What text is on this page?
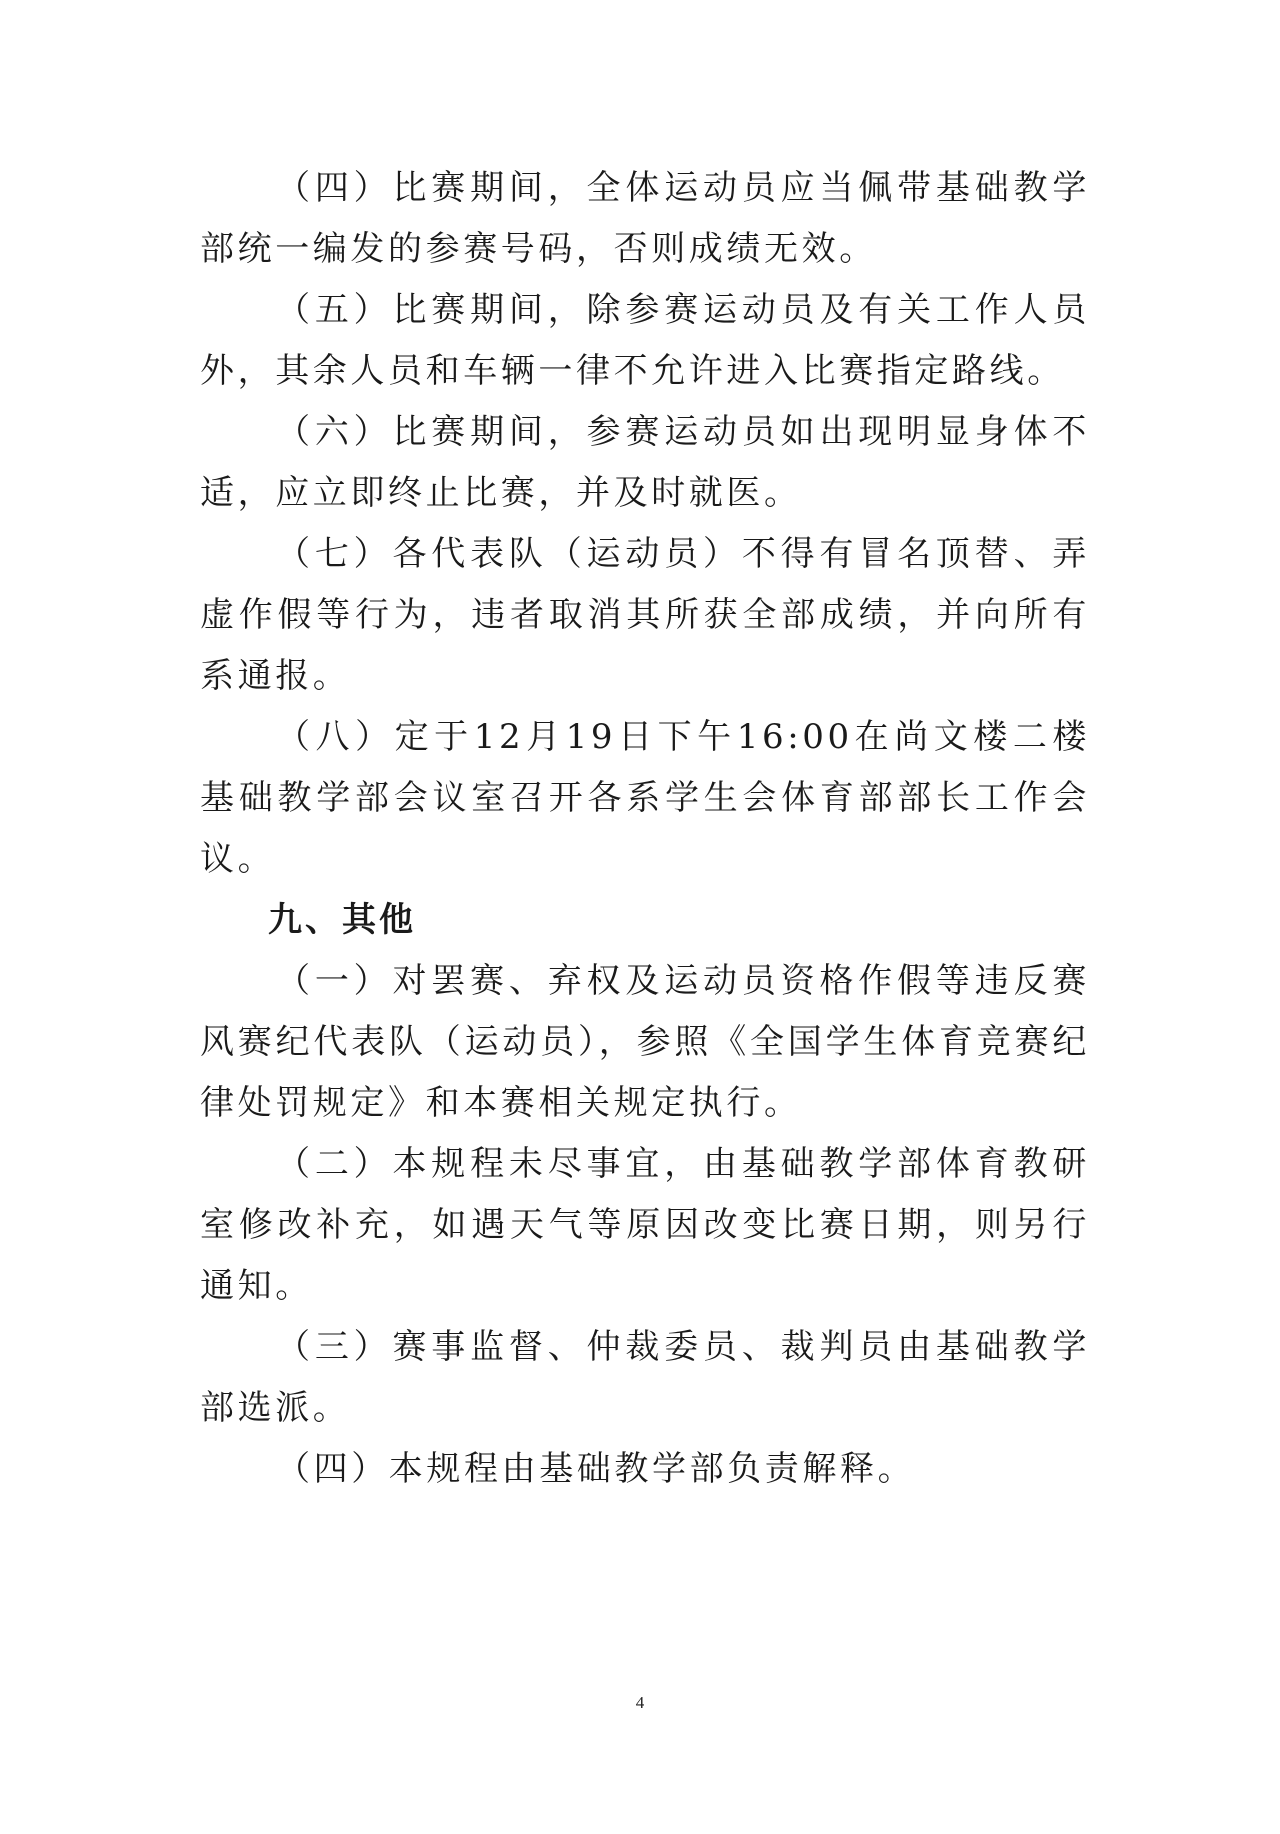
（四）比赛期间，全体运动员应当佩带基础教学部统一编发的参赛号码，否则成绩无效。

（五）比赛期间，除参赛运动员及有关工作人员外，其余人员和车辆一律不允许进入比赛指定路线。

（六）比赛期间，参赛运动员如出现明显身体不适，应立即终止比赛，并及时就医。

（七）各代表队（运动员）不得有冒名顶替、弄虚作假等行为，违者取消其所获全部成绩，并向所有系通报。

（八）定于12月19日下午16:00在尚文楼二楼基础教学部会议室召开各系学生会体育部部长工作会议。

九、其他

（一）对罢赛、弃权及运动员资格作假等违反赛风赛纪代表队（运动员），参照《全国学生体育竞赛纪律处罚规定》和本赛相关规定执行。

（二）本规程未尽事宜，由基础教学部体育教研室修改补充，如遇天气等原因改变比赛日期，则另行通知。

（三）赛事监督、仲裁委员、裁判员由基础教学部选派。

（四）本规程由基础教学部负责解释。

4
